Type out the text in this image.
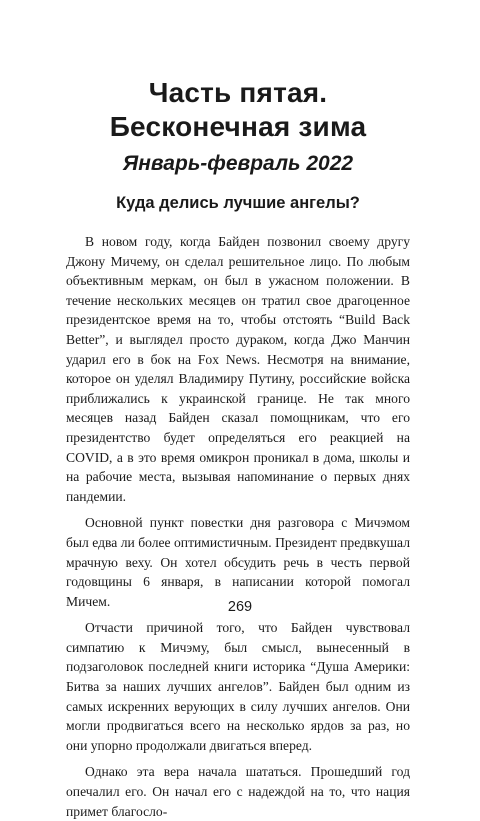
Часть пятая.
Бесконечная зима
Январь-февраль 2022
Куда делись лучшие ангелы?

В новом году, когда Байден позвонил своему другу Джону Мичему, он сделал решительное лицо. По любым объективным меркам, он был в ужасном положении. В течение нескольких месяцев он тратил свое драгоценное президентское время на то, чтобы отстоять “Build Back Better”, и выглядел просто дураком, когда Джо Манчин ударил его в бок на Fox News. Несмотря на внимание, которое он уделял Владимиру Путину, российские войска приближались к украинской границе. Не так много месяцев назад Байден сказал помощникам, что его президентство будет определяться его реакцией на COVID, а в это время омикрон проникал в дома, школы и на рабочие места, вызывая напоминание о первых днях пандемии.

Основной пункт повестки дня разговора с Мичэмом был едва ли более оптимистичным. Президент предвкушал мрачную веху. Он хотел обсудить речь в честь первой годовщины 6 января, в написании которой помогал Мичем.

Отчасти причиной того, что Байден чувствовал симпатию к Мичэму, был смысл, вынесенный в подзаголовок последней книги историка “Душа Америки: Битва за наших лучших ангелов”. Байден был одним из самых искренних верующих в силу лучших ангелов. Они могли продвигаться всего на несколько ярдов за раз, но они упорно продолжали двигаться вперед.

Однако эта вера начала шататься. Прошедший год опечалил его. Он начал его с надеждой на то, что нация примет благосло-

269
